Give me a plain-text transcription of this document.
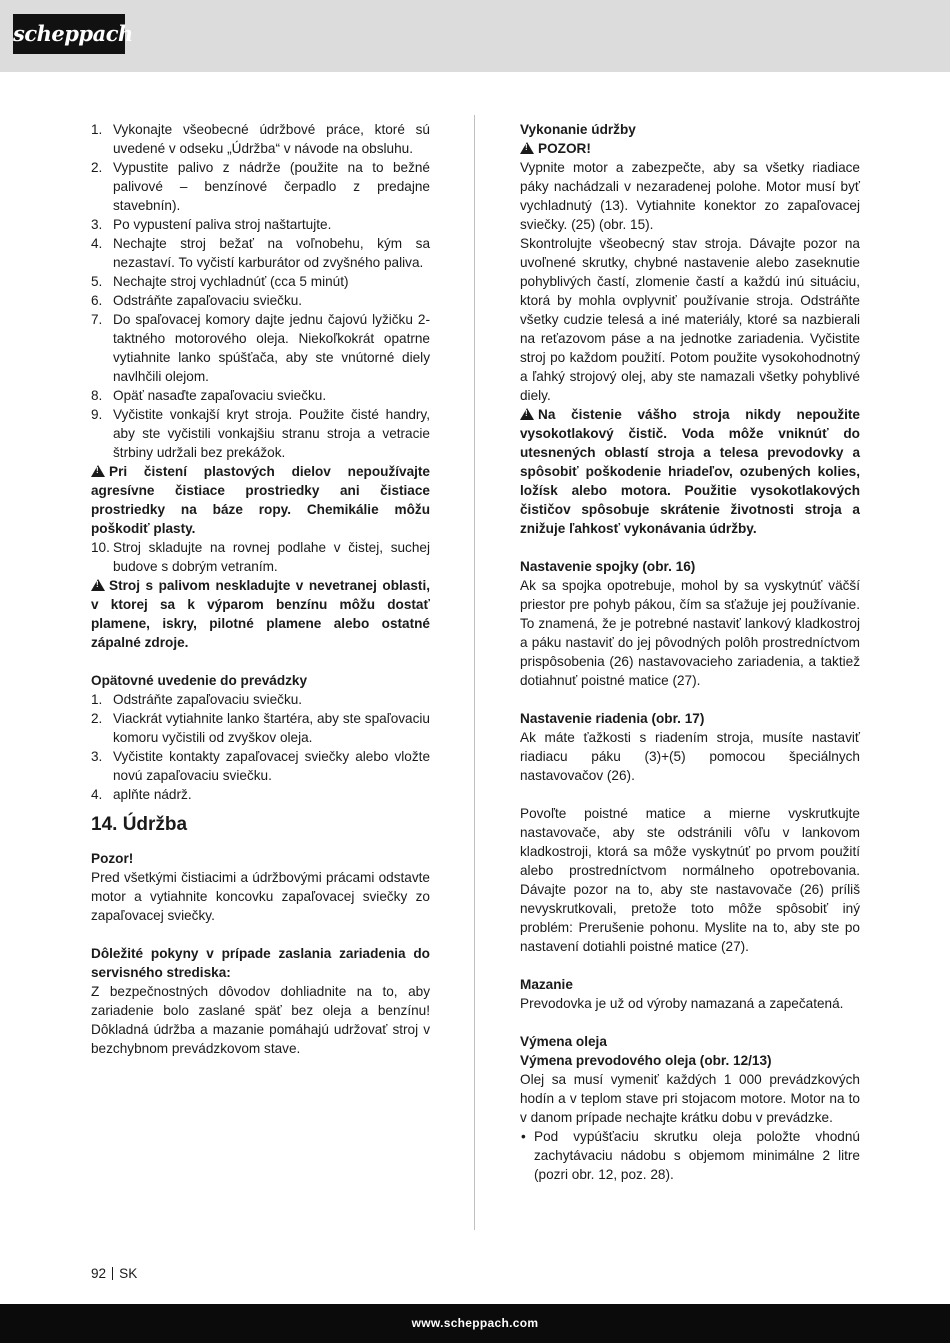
scheppach
1. Vykonajte všeobecné údržbové práce, ktoré sú uvedené v odseku „Údržba“ v návode na obsluhu.
2. Vypustite palivo z nádrže (použite na to bežné palivové – benzínové čerpadlo z predajne stavebnín).
3. Po vypustení paliva stroj naštartujte.
4. Nechajte stroj bežať na voľnobehu, kým sa nezastaví. To vyčistí karburátor od zvyšného paliva.
5. Nechajte stroj vychladnúť (cca 5 minút)
6. Odstráňte zapaľovaciu sviečku.
7. Do spaľovacej komory dajte jednu čajovú lyžičku 2-taktného motorového oleja. Niekoľkokrát opatrne vytiahnite lanko spúšťača, aby ste vnútorné diely navlhčili olejom.
8. Opäť nasaďte zapaľovaciu sviečku.
9. Vyčistite vonkajší kryt stroja. Použite čisté handry, aby ste vyčistili vonkajšiu stranu stroja a vetracie štrbiny udržali bez prekážok.

!Pri čistení plastových dielov nepoužívajte agresívne čistiace prostriedky ani čistiace prostriedky na báze ropy. Chemikálie môžu poškodiť plasty.

10. Stroj skladujte na rovnej podlahe v čistej, suchej budove s dobrým vetraním.

!Stroj s palivom neskladujte v nevetranej oblasti, v ktorej sa k výparom benzínu môžu dostať plamene, iskry, pilotné plamene alebo ostatné zápalné zdroje.

Opätovné uvedenie do prevádzky

1. Odstráňte zapaľovaciu sviečku.
2. Viackrát vytiahnite lanko štartéra, aby ste spaľovaciu komoru vyčistili od zvyškov oleja.
3. Vyčistite kontakty zapaľovacej sviečky alebo vložte novú zapaľovaciu sviečku.
4. aplňte nádrž.
14. Údržba

Pozor!

Pred všetkými čistiacimi a údržbovými prácami odstavte motor a vytiahnite koncovku zapaľovacej sviečky zo zapaľovacej sviečky.

Dôležité pokyny v prípade zaslania zariadenia do servisného strediska:

Z bezpečnostných dôvodov dohliadnite na to, aby zariadenie bolo zaslané späť bez oleja a benzínu! Dôkladná údržba a mazanie pomáhajú udržovať stroj v bezchybnom prevádzkovom stave.

Vykonanie údržby

!POZOR!

Vypnite motor a zabezpečte, aby sa všetky riadiace páky nachádzali v nezaradenej polohe. Motor musí byť vychladnutý (13). Vytiahnite konektor zo zapaľovacej sviečky. (25) (obr. 15).

Skontrolujte všeobecný stav stroja. Dávajte pozor na uvoľnené skrutky, chybné nastavenie alebo zaseknutie pohyblivých častí, zlomenie častí a každú inú situáciu, ktorá by mohla ovplyvniť používanie stroja. Odstráňte všetky cudzie telesá a iné materiály, ktoré sa nazbierali na reťazovom páse a na jednotke zariadenia. Vyčistite stroj po každom použití. Potom použite vysokohodnotný a ľahký strojový olej, aby ste namazali všetky pohyblivé diely.

!Na čistenie vášho stroja nikdy nepoužite vysokotlakový čistič. Voda môže vniknúť do utesnených oblastí stroja a telesa prevodovky a spôsobiť poškodenie hriadeľov, ozubených kolies, ložísk alebo motora. Použitie vysokotlakových čističov spôsobuje skrátenie životnosti stroja a znižuje ľahkosť vykonávania údržby.

Nastavenie spojky (obr. 16)

Ak sa spojka opotrebuje, mohol by sa vyskytnúť väčší priestor pre pohyb pákou, čím sa sťažuje jej používanie. To znamená, že je potrebné nastaviť lankový kladkostroj a páku nastaviť do jej pôvodných polôh prostredníctvom prispôsobenia (26) nastavovacieho zariadenia, a taktiež dotiahnuť poistné matice (27).

Nastavenie riadenia (obr. 17)

Ak máte ťažkosti s riadením stroja, musíte nastaviť riadiacu páku (3)+(5) pomocou špeciálnych nastavovačov (26).

Povoľte poistné matice a mierne vyskrutkujte nastavovače, aby ste odstránili vôľu v lankovom kladkostroji, ktorá sa môže vyskytnúť po prvom použití alebo prostredníctvom normálneho opotrebovania. Dávajte pozor na to, aby ste nastavovače (26) príliš nevyskrutkovali, pretože toto môže spôsobiť iný problém: Prerušenie pohonu. Myslite na to, aby ste po nastavení dotiahli poistné matice (27).

Mazanie

Prevodovka je už od výroby namazaná a zapečatená.

Výmena oleja

Výmena prevodového oleja (obr. 12/13)

Olej sa musí vymeniť každých 1 000 prevádzkových hodín a v teplom stave pri stojacom motore. Motor na to v danom prípade nechajte krátku dobu v prevádzke.

• Pod vypúšťaciu skrutku oleja položte vhodnú zachytávaciu nádobu s objemom minimálne 2 litre (pozri obr. 12, poz. 28).
92 SK
www.scheppach.com
